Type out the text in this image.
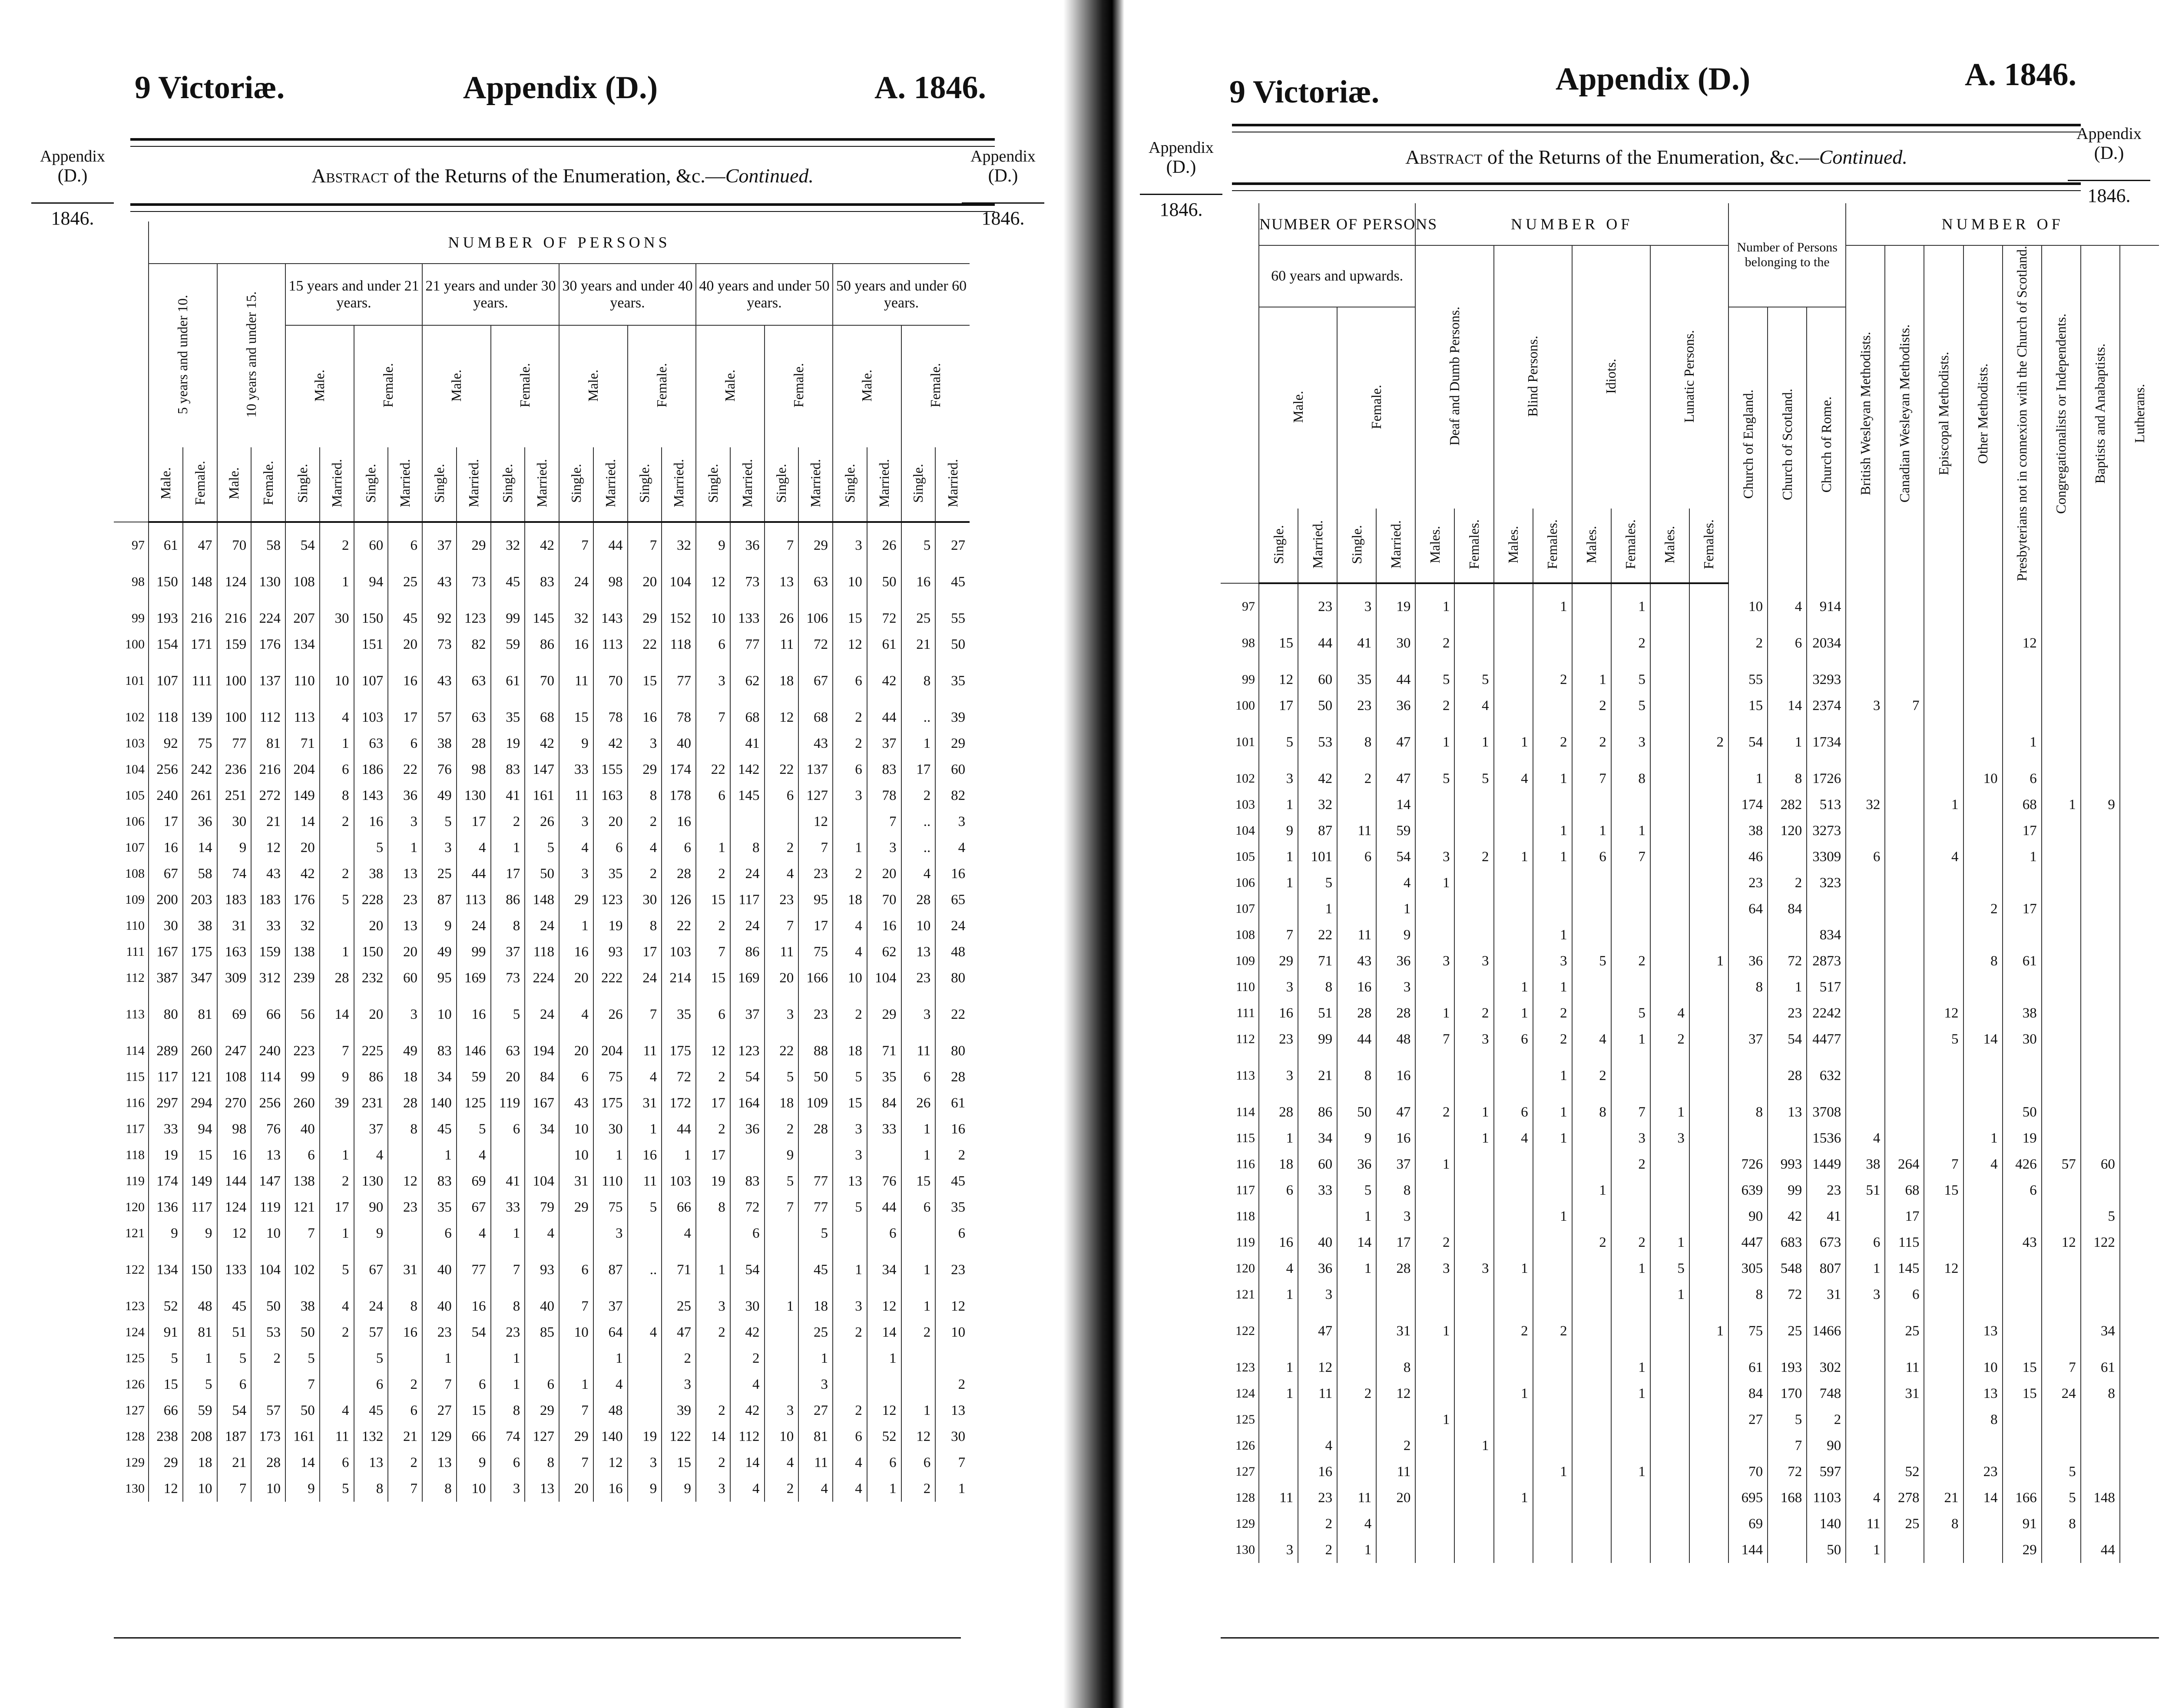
9 Victoriæ.	Appendix (D.)	A. 1846.
Abstract of the Returns of the Enumeration, &c.—Continued.
Appendix
(D.)
1846.
Appendix
(D.)
1846.
	NUMBER OF PERSONS																							
	5 years and under 10.		10 years and under 15.		15 years and under 21 years.				21 years and under 30 years.				30 years and under 40 years.				40 years and under 50 years.				50 years and under 60 years.			
					Male.		Female.		Male.		Female.		Male.		Female.		Male.		Female.		Male.		Female.	
	Male.	Female.	Male.	Female.	Single.	Married.	Single.	Married.	Single.	Married.	Single.	Married.	Single.	Married.	Single.	Married.	Single.	Married.	Single.	Married.	Single.	Married.	Single.	Married.

97	61	47	70	58	54	2	60	6	37	29	32	42	7	44	7	32	9	36	7	29	3	26	5	27

98	150	148	124	130	108	1	94	25	43	73	45	83	24	98	20	104	12	73	13	63	10	50	16	45

99	193	216	216	224	207	30	150	45	92	123	99	145	32	143	29	152	10	133	26	106	15	72	25	55
100	154	171	159	176	134		151	20	73	82	59	86	16	113	22	118	6	77	11	72	12	61	21	50

101	107	111	100	137	110	10	107	16	43	63	61	70	11	70	15	77	3	62	18	67	6	42	8	35

102	118	139	100	112	113	4	103	17	57	63	35	68	15	78	16	78	7	68	12	68	2	44	..	39
103	92	75	77	81	71	1	63	6	38	28	19	42	9	42	3	40		41		43	2	37	1	29
104	256	242	236	216	204	6	186	22	76	98	83	147	33	155	29	174	22	142	22	137	6	83	17	60
105	240	261	251	272	149	8	143	36	49	130	41	161	11	163	8	178	6	145	6	127	3	78	2	82
106	17	36	30	21	14	2	16	3	5	17	2	26	3	20	2	16				12		7	..	3
107	16	14	9	12	20		5	1	3	4	1	5	4	6	4	6	1	8	2	7	1	3	..	4
108	67	58	74	43	42	2	38	13	25	44	17	50	3	35	2	28	2	24	4	23	2	20	4	16
109	200	203	183	183	176	5	228	23	87	113	86	148	29	123	30	126	15	117	23	95	18	70	28	65
110	30	38	31	33	32		20	13	9	24	8	24	1	19	8	22	2	24	7	17	4	16	10	24
111	167	175	163	159	138	1	150	20	49	99	37	118	16	93	17	103	7	86	11	75	4	62	13	48
112	387	347	309	312	239	28	232	60	95	169	73	224	20	222	24	214	15	169	20	166	10	104	23	80

113	80	81	69	66	56	14	20	3	10	16	5	24	4	26	7	35	6	37	3	23	2	29	3	22

114	289	260	247	240	223	7	225	49	83	146	63	194	20	204	11	175	12	123	22	88	18	71	11	80
115	117	121	108	114	99	9	86	18	34	59	20	84	6	75	4	72	2	54	5	50	5	35	6	28
116	297	294	270	256	260	39	231	28	140	125	119	167	43	175	31	172	17	164	18	109	15	84	26	61
117	33	94	98	76	40		37	8	45	5	6	34	10	30	1	44	2	36	2	28	3	33	1	16
118	19	15	16	13	6	1	4		1	4			10	1	16	1	17		9		3		1	2
119	174	149	144	147	138	2	130	12	83	69	41	104	31	110	11	103	19	83	5	77	13	76	15	45
120	136	117	124	119	121	17	90	23	35	67	33	79	29	75	5	66	8	72	7	77	5	44	6	35
121	9	9	12	10	7	1	9		6	4	1	4		3		4		6		5		6		6

122	134	150	133	104	102	5	67	31	40	77	7	93	6	87	..	71	1	54		45	1	34	1	23

123	52	48	45	50	38	4	24	8	40	16	8	40	7	37		25	3	30	1	18	3	12	1	12
124	91	81	51	53	50	2	57	16	23	54	23	85	10	64	4	47	2	42		25	2	14	2	10
125	5	1	5	2	5		5		1		1			1		2		2		1		1		
126	15	5	6		7		6	2	7	6	1	6	1	4		3		4		3				2
127	66	59	54	57	50	4	45	6	27	15	8	29	7	48		39	2	42	3	27	2	12	1	13
128	238	208	187	173	161	11	132	21	129	66	74	127	29	140	19	122	14	112	10	81	6	52	12	30
129	29	18	21	28	14	6	13	2	13	9	6	8	7	12	3	15	2	14	4	11	4	6	6	7
130	12	10	7	10	9	5	8	7	8	10	3	13	20	16	9	9	3	4	2	4	4	1	2	1
9 Victoriæ.	Appendix (D.)	A. 1846.
Abstract of the Returns of the Enumeration, &c.—Continued.
Appendix
(D.)
1846.
Appendix
(D.)
1846.
	NUMBER OF PERSONS				NUMBER OF								Number of Persons belonging to the			NUMBER OF							
	60 years and upwards.				Deaf and Dumb Persons.		Blind Persons.		Idiots.		Lunatic Persons.					British Wesleyan Methodists.	Canadian Wesleyan Methodists.	Episcopal Methodists.	Other Methodists.	Presbyterians not in connexion with the Church of Scotland.	Congregationalists or Independents.	Baptists and Anabaptists.	Lutherans.
	Male.		Female.										Church of England.	Church of Scotland.	Church of Rome.								
	Single.	Married.	Single.	Married.	Males.	Females.	Males.	Females.	Males.	Females.	Males.	Females.											

97		23	3	19	1			1		1			10	4	914								

98	15	44	41	30	2					2			2	6	2034					12			

99	12	60	35	44	5	5		2	1	5			55		3293								
100	17	50	23	36	2	4			2	5			15	14	2374	3	7						

101	5	53	8	47	1	1	1	2	2	3		2	54	1	1734					1			

102	3	42	2	47	5	5	4	1	7	8			1	8	1726				10	6			
103	1	32		14									174	282	513	32		1		68	1	9	
104	9	87	11	59				1	1	1			38	120	3273					17			
105	1	101	6	54	3	2	1	1	6	7			46		3309	6		4		1			
106	1	5		4	1								23	2	323								
107		1		1									64	84					2	17			
108	7	22	11	9				1							834								
109	29	71	43	36	3	3		3	5	2		1	36	72	2873				8	61			
110	3	8	16	3			1	1					8	1	517								
111	16	51	28	28	1	2	1	2		5	4			23	2242			12		38			
112	23	99	44	48	7	3	6	2	4	1	2		37	54	4477			5	14	30			

113	3	21	8	16				1	2					28	632								

114	28	86	50	47	2	1	6	1	8	7	1		8	13	3708					50			
115	1	34	9	16		1	4	1		3	3				1536	4			1	19			
116	18	60	36	37	1					2			726	993	1449	38	264	7	4	426	57	60	
117	6	33	5	8					1				639	99	23	51	68	15		6			
118			1	3				1					90	42	41		17					5	
119	16	40	14	17	2				2	2	1		447	683	673	6	115			43	12	122	
120	4	36	1	28	3	3	1			1	5		305	548	807	1	145	12					
121	1	3									1		8	72	31	3	6						

122		47		31	1		2	2				1	75	25	1466		25		13			34	

123	1	12		8						1			61	193	302		11		10	15	7	61	
124	1	11	2	12			1			1			84	170	748		31		13	15	24	8	
125					1								27	5	2				8				
126		4		2		1								7	90								
127		16		11				1		1			70	72	597		52		23		5		
128	11	23	11	20			1						695	168	1103	4	278	21	14	166	5	148	
129		2	4										69		140	11	25	8		91	8		
130	3	2	1										144		50	1				29		44	
